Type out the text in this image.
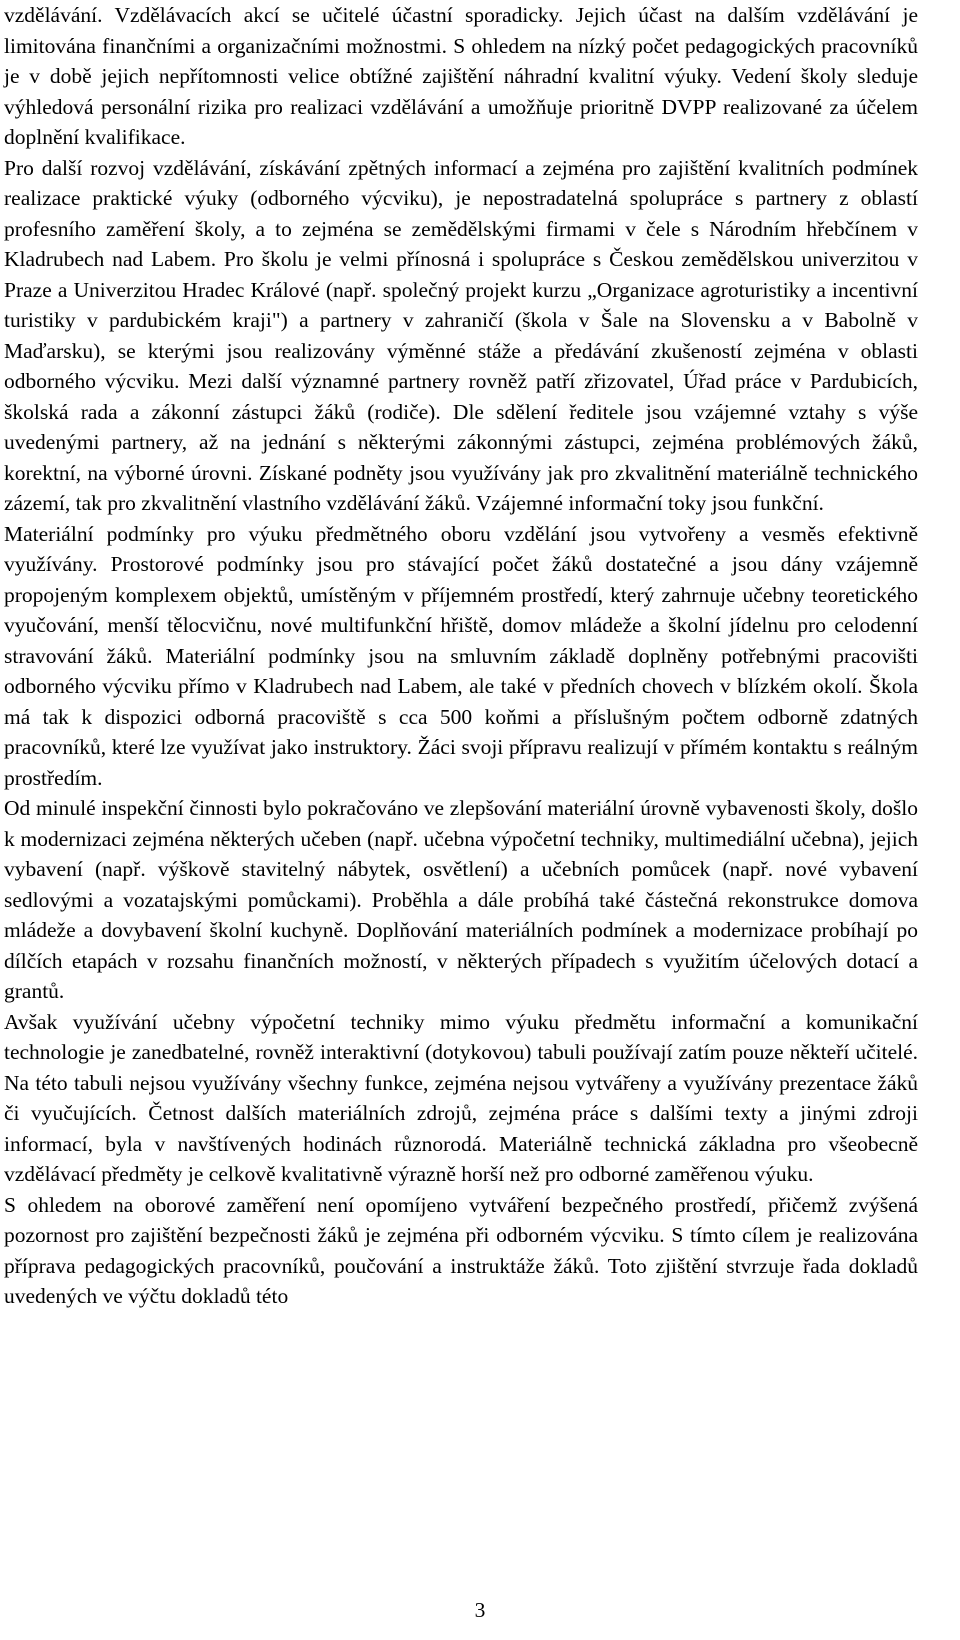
vzdělávání. Vzdělávacích akcí se učitelé účastní sporadicky. Jejich účast na dalším vzdělávání je limitována finančními a organizačními možnostmi. S ohledem na nízký počet pedagogických pracovníků je v době jejich nepřítomnosti velice obtížné zajištění náhradní kvalitní výuky. Vedení školy sleduje výhledová personální rizika pro realizaci vzdělávání a umožňuje prioritně DVPP realizované za účelem doplnění kvalifikace.

Pro další rozvoj vzdělávání, získávání zpětných informací a zejména pro zajištění kvalitních podmínek realizace praktické výuky (odborného výcviku), je nepostradatelná spolupráce s partnery z oblastí profesního zaměření školy, a to zejména se zemědělskými firmami v čele s Národním hřebčínem v Kladrubech nad Labem. Pro školu je velmi přínosná i spolupráce s Českou zemědělskou univerzitou v Praze a Univerzitou Hradec Králové (např. společný projekt kurzu „Organizace agroturistiky a incentivní turistiky v pardubickém kraji") a partnery v zahraničí (škola v Šale na Slovensku a v Babolně v Maďarsku), se kterými jsou realizovány výměnné stáže a předávání zkušeností zejména v oblasti odborného výcviku. Mezi další významné partnery rovněž patří zřizovatel, Úřad práce v Pardubicích, školská rada a zákonní zástupci žáků (rodiče). Dle sdělení ředitele jsou vzájemné vztahy s výše uvedenými partnery, až na jednání s některými zákonnými zástupci, zejména problémových žáků, korektní, na výborné úrovni. Získané podněty jsou využívány jak pro zkvalitnění materiálně technického zázemí, tak pro zkvalitnění vlastního vzdělávání žáků. Vzájemné informační toky jsou funkční.

Materiální podmínky pro výuku předmětného oboru vzdělání jsou vytvořeny a vesměs efektivně využívány. Prostorové podmínky jsou pro stávající počet žáků dostatečné a jsou dány vzájemně propojeným komplexem objektů, umístěným v příjemném prostředí, který zahrnuje učebny teoretického vyučování, menší tělocvičnu, nové multifunkční hřiště, domov mládeže a školní jídelnu pro celodenní stravování žáků. Materiální podmínky jsou na smluvním základě doplněny potřebnými pracovišti odborného výcviku přímo v Kladrubech nad Labem, ale také v předních chovech v blízkém okolí. Škola má tak k dispozici odborná pracoviště s cca 500 koňmi a příslušným počtem odborně zdatných pracovníků, které lze využívat jako instruktory. Žáci svoji přípravu realizují v přímém kontaktu s reálným prostředím.

Od minulé inspekční činnosti bylo pokračováno ve zlepšování materiální úrovně vybavenosti školy, došlo k modernizaci zejména některých učeben (např. učebna výpočetní techniky, multimediální učebna), jejich vybavení (např. výškově stavitelný nábytek, osvětlení) a učebních pomůcek (např. nové vybavení sedlovými a vozatajskými pomůckami). Proběhla a dále probíhá také částečná rekonstrukce domova mládeže a dovybavení školní kuchyně. Doplňování materiálních podmínek a modernizace probíhají po dílčích etapách v rozsahu finančních možností, v některých případech s využitím účelových dotací a grantů.

Avšak využívání učebny výpočetní techniky mimo výuku předmětu informační a komunikační technologie je zanedbatelné, rovněž interaktivní (dotykovou) tabuli používají zatím pouze někteří učitelé. Na této tabuli nejsou využívány všechny funkce, zejména nejsou vytvářeny a využívány prezentace žáků či vyučujících. Četnost dalších materiálních zdrojů, zejména práce s dalšími texty a jinými zdroji informací, byla v navštívených hodinách různorodá. Materiálně technická základna pro všeobecně vzdělávací předměty je celkově kvalitativně výrazně horší než pro odborné zaměřenou výuku.

S ohledem na oborové zaměření není opomíjeno vytváření bezpečného prostředí, přičemž zvýšená pozornost pro zajištění bezpečnosti žáků je zejména při odborném výcviku. S tímto cílem je realizována příprava pedagogických pracovníků, poučování a instruktáže žáků. Toto zjištění stvrzuje řada dokladů uvedených ve výčtu dokladů této

3
